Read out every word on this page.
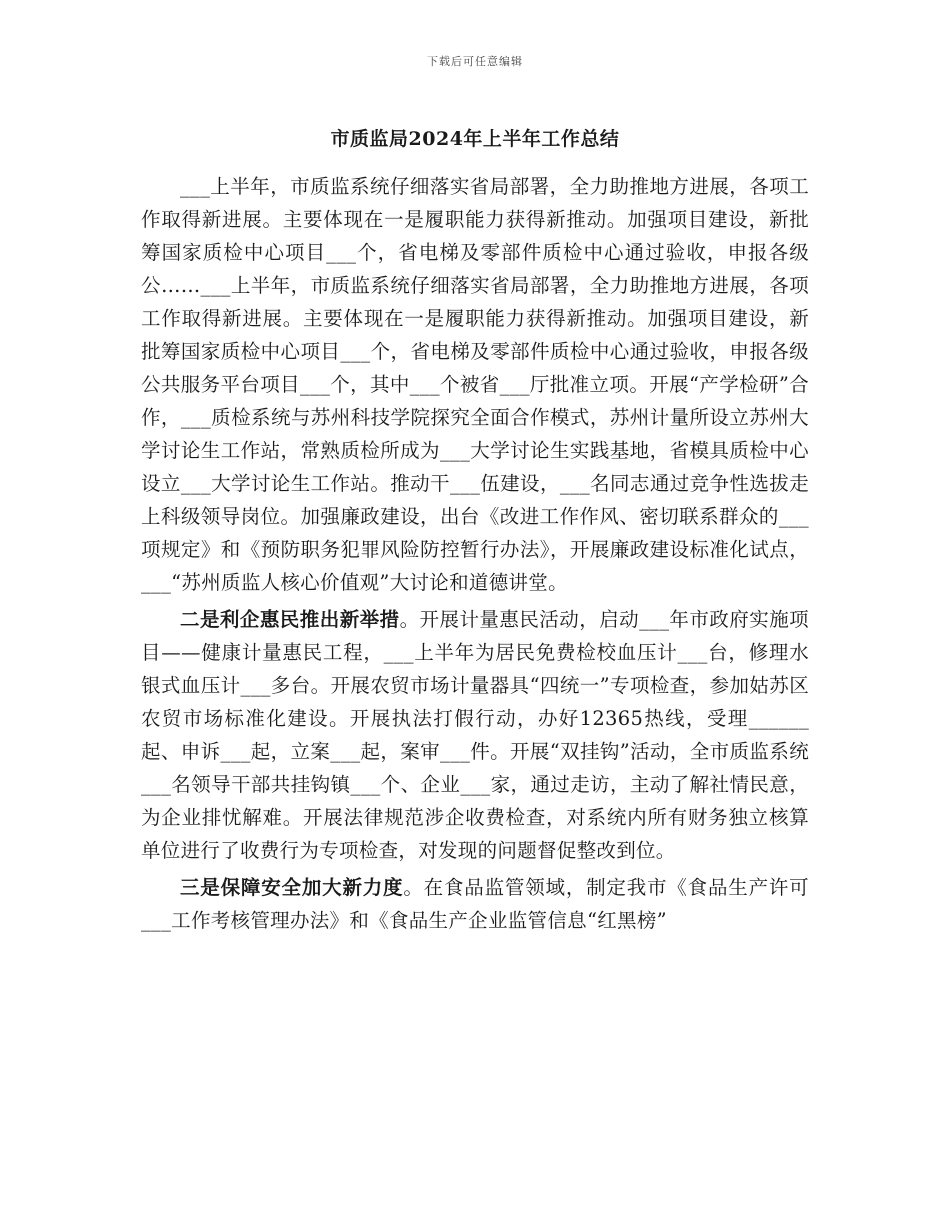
下载后可任意编辑
市质监局2024年上半年工作总结

___上半年，市质监系统仔细落实省局部署，全力助推地方进展，各项工作取得新进展。主要体现在一是履职能力获得新推动。加强项目建设，新批筹国家质检中心项目___个，省电梯及零部件质检中心通过验收，申报各级公……___上半年，市质监系统仔细落实省局部署，全力助推地方进展，各项工作取得新进展。主要体现在一是履职能力获得新推动。加强项目建设，新批筹国家质检中心项目___个，省电梯及零部件质检中心通过验收，申报各级公共服务平台项目___个，其中___个被省___厅批准立项。开展“产学检研”合作，___质检系统与苏州科技学院探究全面合作模式，苏州计量所设立苏州大学讨论生工作站，常熟质检所成为___大学讨论生实践基地，省模具质检中心设立___大学讨论生工作站。推动干___伍建设，___名同志通过竞争性选拔走上科级领导岗位。加强廉政建设，出台《改进工作作风、密切联系群众的___项规定》和《预防职务犯罪风险防控暂行办法》，开展廉政建设标准化试点，___“苏州质监人核心价值观”大讨论和道德讲堂。

二是利企惠民推出新举措。开展计量惠民活动，启动___年市政府实施项目——健康计量惠民工程，___上半年为居民免费检校血压计___台，修理水银式血压计___多台。开展农贸市场计量器具“四统一”专项检查，参加姑苏区农贸市场标准化建设。开展执法打假行动，办好12365热线，受理______起、申诉___起，立案___起，案审___件。开展“双挂钩”活动，全市质监系统___名领导干部共挂钩镇___个、企业___家，通过走访，主动了解社情民意，为企业排忧解难。开展法律规范涉企收费检查，对系统内所有财务独立核算单位进行了收费行为专项检查，对发现的问题督促整改到位。

三是保障安全加大新力度。在食品监管领域，制定我市《食品生产许可___工作考核管理办法》和《食品生产企业监管信息“红黑榜”
